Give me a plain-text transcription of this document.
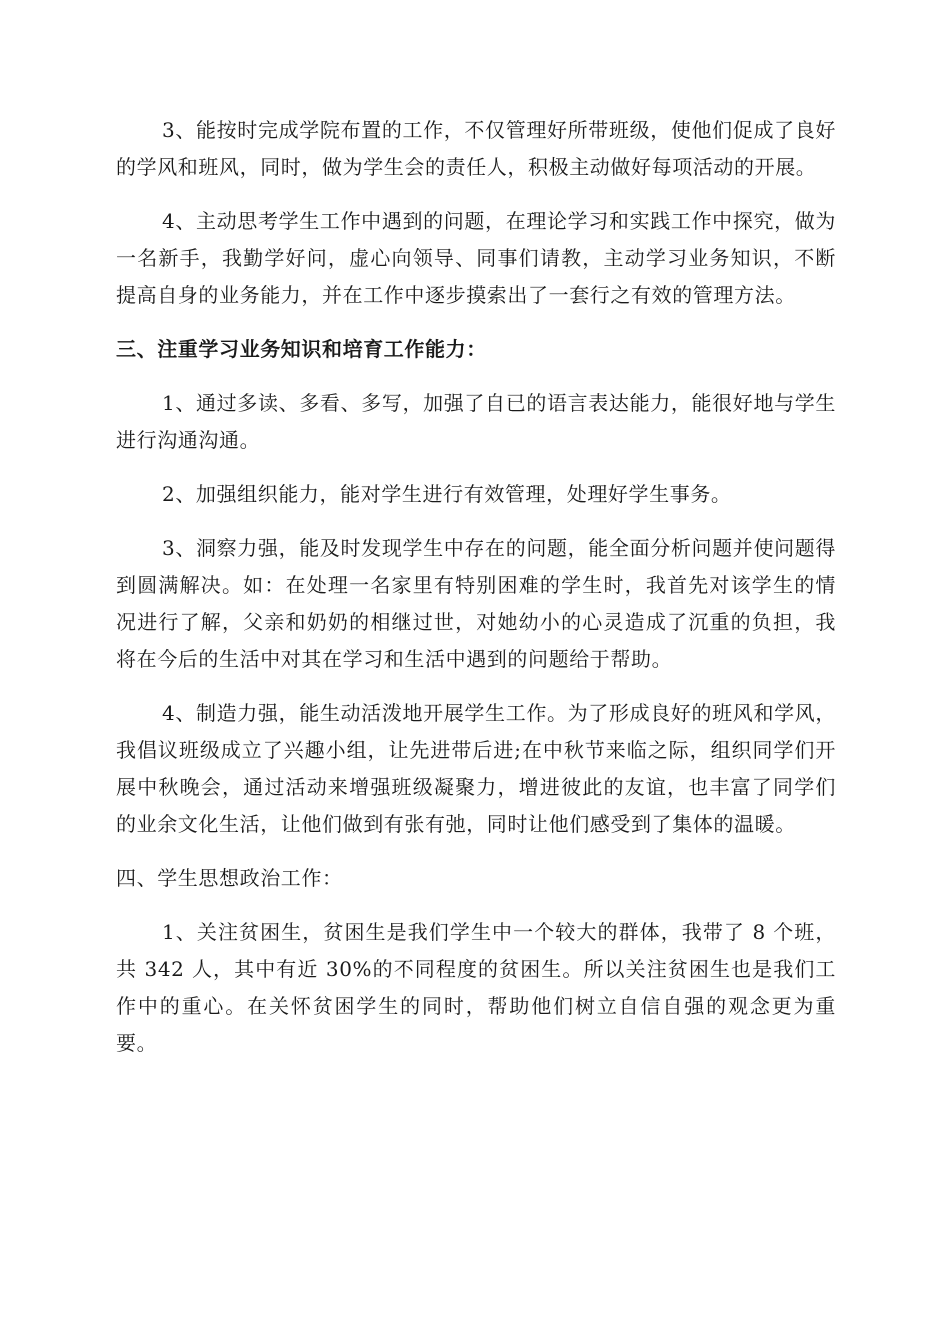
3、能按时完成学院布置的工作，不仅管理好所带班级，使他们促成了良好的学风和班风，同时，做为学生会的责任人，积极主动做好每项活动的开展。

4、主动思考学生工作中遇到的问题，在理论学习和实践工作中探究，做为一名新手，我勤学好问，虚心向领导、同事们请教，主动学习业务知识，不断提高自身的业务能力，并在工作中逐步摸索出了一套行之有效的管理方法。

三、注重学习业务知识和培育工作能力：

1、通过多读、多看、多写，加强了自已的语言表达能力，能很好地与学生进行沟通沟通。

2、加强组织能力，能对学生进行有效管理，处理好学生事务。

3、洞察力强，能及时发现学生中存在的问题，能全面分析问题并使问题得到圆满解决。如：在处理一名家里有特别困难的学生时，我首先对该学生的情况进行了解，父亲和奶奶的相继过世，对她幼小的心灵造成了沉重的负担，我将在今后的生活中对其在学习和生活中遇到的问题给于帮助。

4、制造力强，能生动活泼地开展学生工作。为了形成良好的班风和学风，我倡议班级成立了兴趣小组，让先进带后进;在中秋节来临之际，组织同学们开展中秋晚会，通过活动来增强班级凝聚力，增进彼此的友谊，也丰富了同学们的业余文化生活，让他们做到有张有弛，同时让他们感受到了集体的温暖。

四、学生思想政治工作：

1、关注贫困生，贫困生是我们学生中一个较大的群体，我带了 8 个班，共 342 人，其中有近 30%的不同程度的贫困生。所以关注贫困生也是我们工作中的重心。在关怀贫困学生的同时，帮助他们树立自信自强的观念更为重要。
